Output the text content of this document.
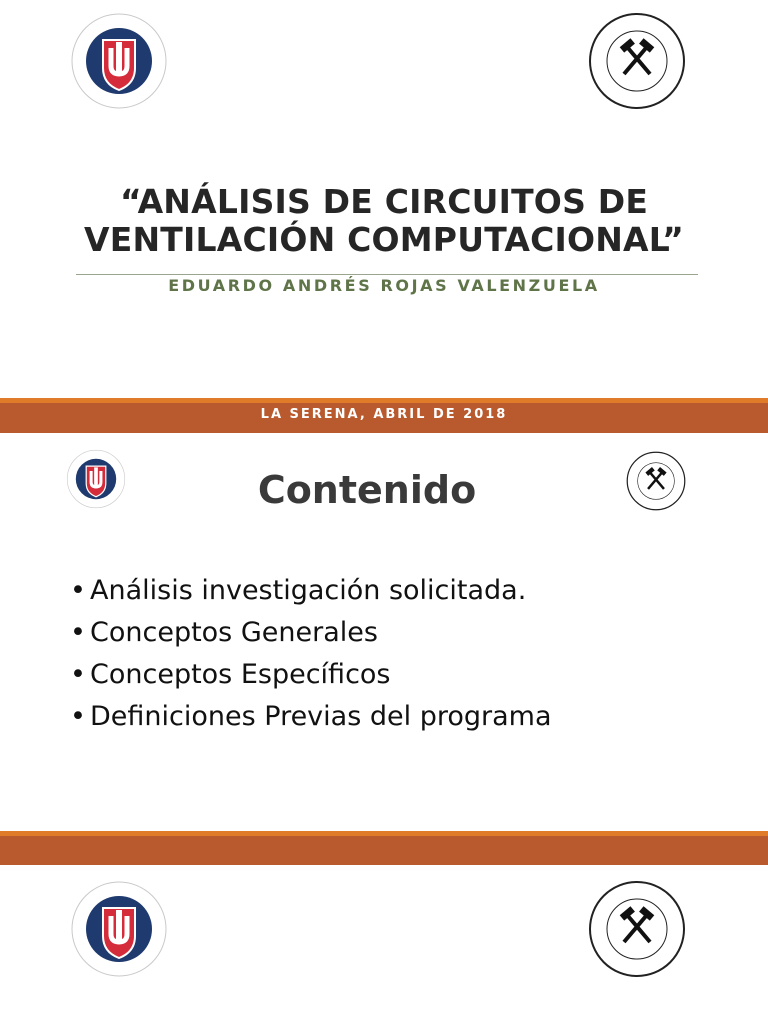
“ANÁLISIS DE CIRCUITOS DE
VENTILACIÓN COMPUTACIONAL”
EDUARDO ANDRÉS ROJAS VALENZUELA
LA SERENA, ABRIL DE 2018
Contenido
• Análisis investigación solicitada.
• Conceptos Generales
• Conceptos Específicos
• Definiciones Previas del programa
